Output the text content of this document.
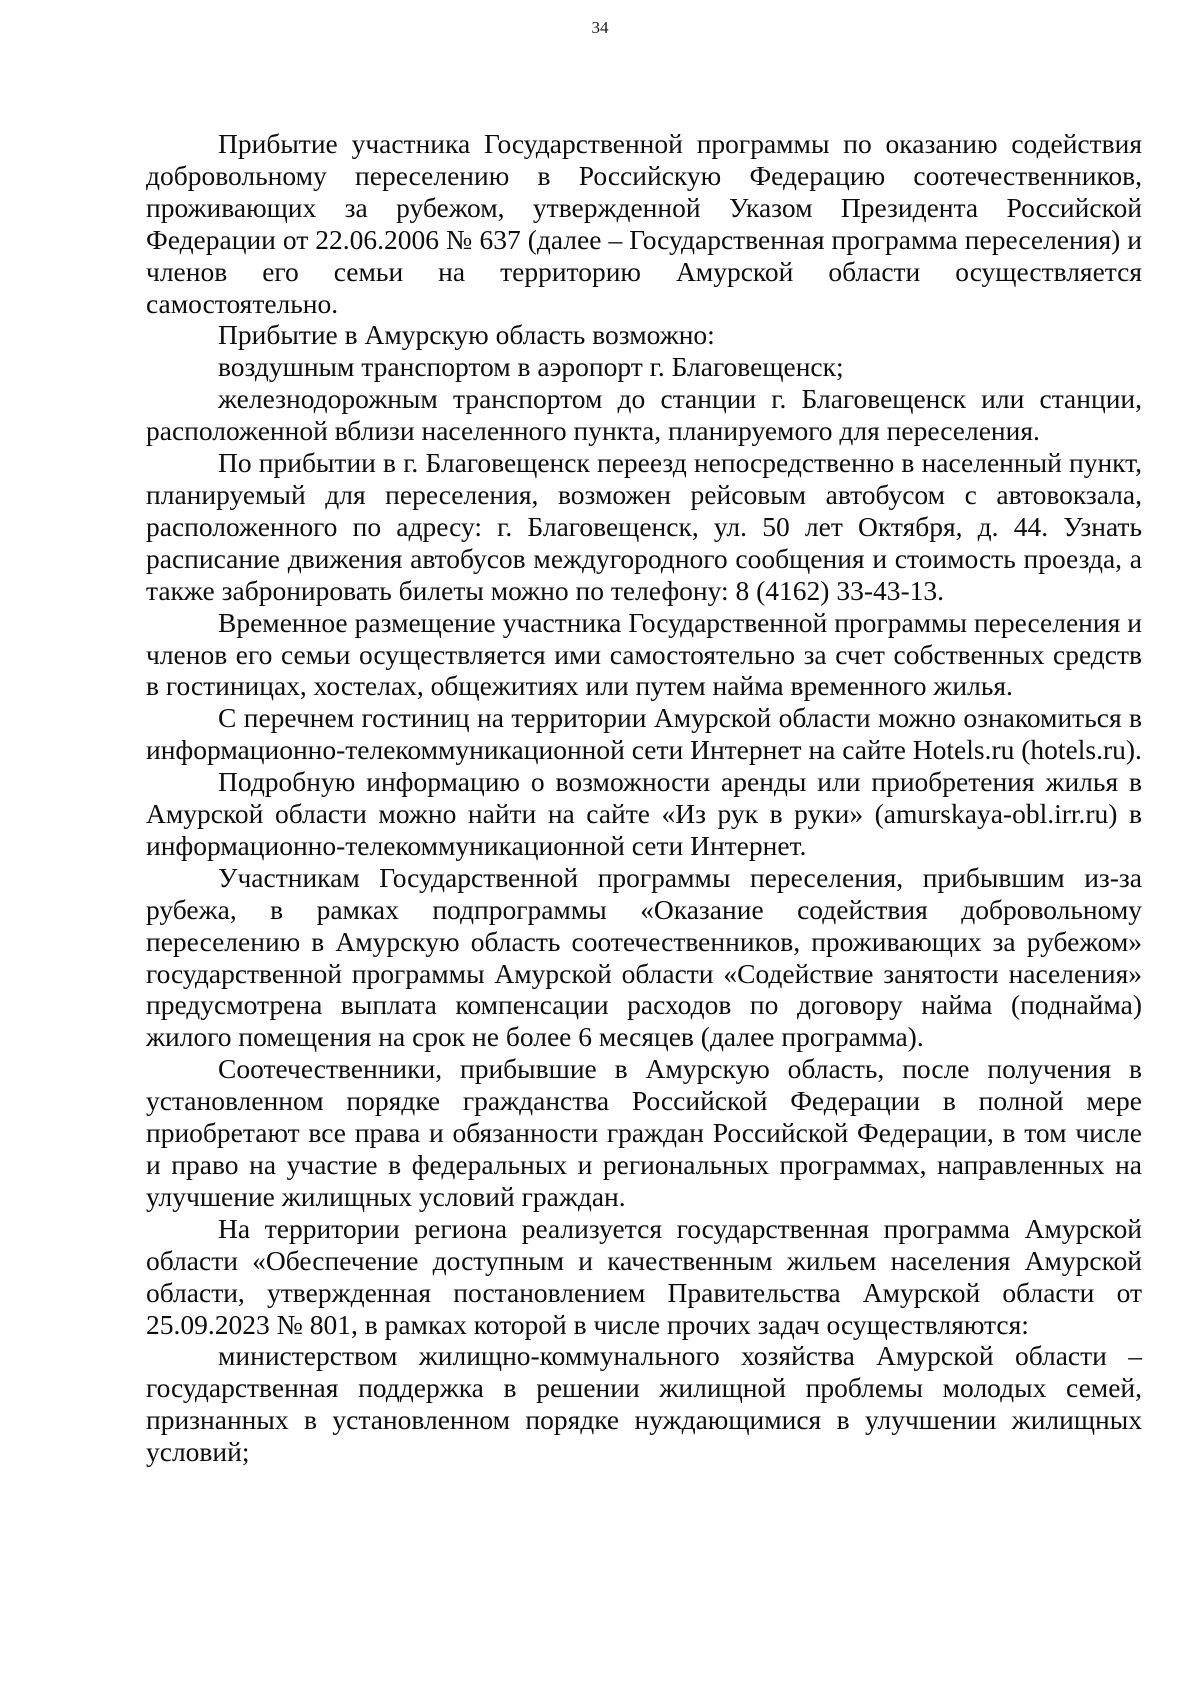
34

Прибытие участника Государственной программы по оказанию содействия добровольному переселению в Российскую Федерацию соотечественников, проживающих за рубежом, утвержденной Указом Президента Российской Федерации от 22.06.2006 № 637 (далее – Государственная программа переселения) и членов его семьи на территорию Амурской области осуществляется самостоятельно.

Прибытие в Амурскую область возможно:

воздушным транспортом в аэропорт г. Благовещенск;

железнодорожным транспортом до станции г. Благовещенск или станции, расположенной вблизи населенного пункта, планируемого для переселения.

По прибытии в г. Благовещенск переезд непосредственно в населенный пункт, планируемый для переселения, возможен рейсовым автобусом с автовокзала, расположенного по адресу: г. Благовещенск, ул. 50 лет Октября, д. 44. Узнать расписание движения автобусов междугородного сообщения и стоимость проезда, а также забронировать билеты можно по телефону: 8 (4162) 33-43-13.

Временное размещение участника Государственной программы переселения и членов его семьи осуществляется ими самостоятельно за счет собственных средств в гостиницах, хостелах, общежитиях или путем найма временного жилья.

С перечнем гостиниц на территории Амурской области можно ознакомиться в информационно-телекоммуникационной сети Интернет на сайте Hotels.ru (hotels.ru).

Подробную информацию о возможности аренды или приобретения жилья в Амурской области можно найти на сайте «Из рук в руки» (amurskaya-obl.irr.ru) в информационно-телекоммуникационной сети Интернет.

Участникам Государственной программы переселения, прибывшим из-за рубежа, в рамках подпрограммы «Оказание содействия добровольному переселению в Амурскую область соотечественников, проживающих за рубежом» государственной программы Амурской области «Содействие занятости населения» предусмотрена выплата компенсации расходов по договору найма (поднайма) жилого помещения на срок не более 6 месяцев (далее программа).

Соотечественники, прибывшие в Амурскую область, после получения в установленном порядке гражданства Российской Федерации в полной мере приобретают все права и обязанности граждан Российской Федерации, в том числе и право на участие в федеральных и региональных программах, направленных на улучшение жилищных условий граждан.

На территории региона реализуется государственная программа Амурской области «Обеспечение доступным и качественным жильем населения Амурской области, утвержденная постановлением Правительства Амурской области от 25.09.2023 № 801, в рамках которой в числе прочих задач осуществляются:

министерством жилищно-коммунального хозяйства Амурской области – государственная поддержка в решении жилищной проблемы молодых семей, признанных в установленном порядке нуждающимися в улучшении жилищных условий;
